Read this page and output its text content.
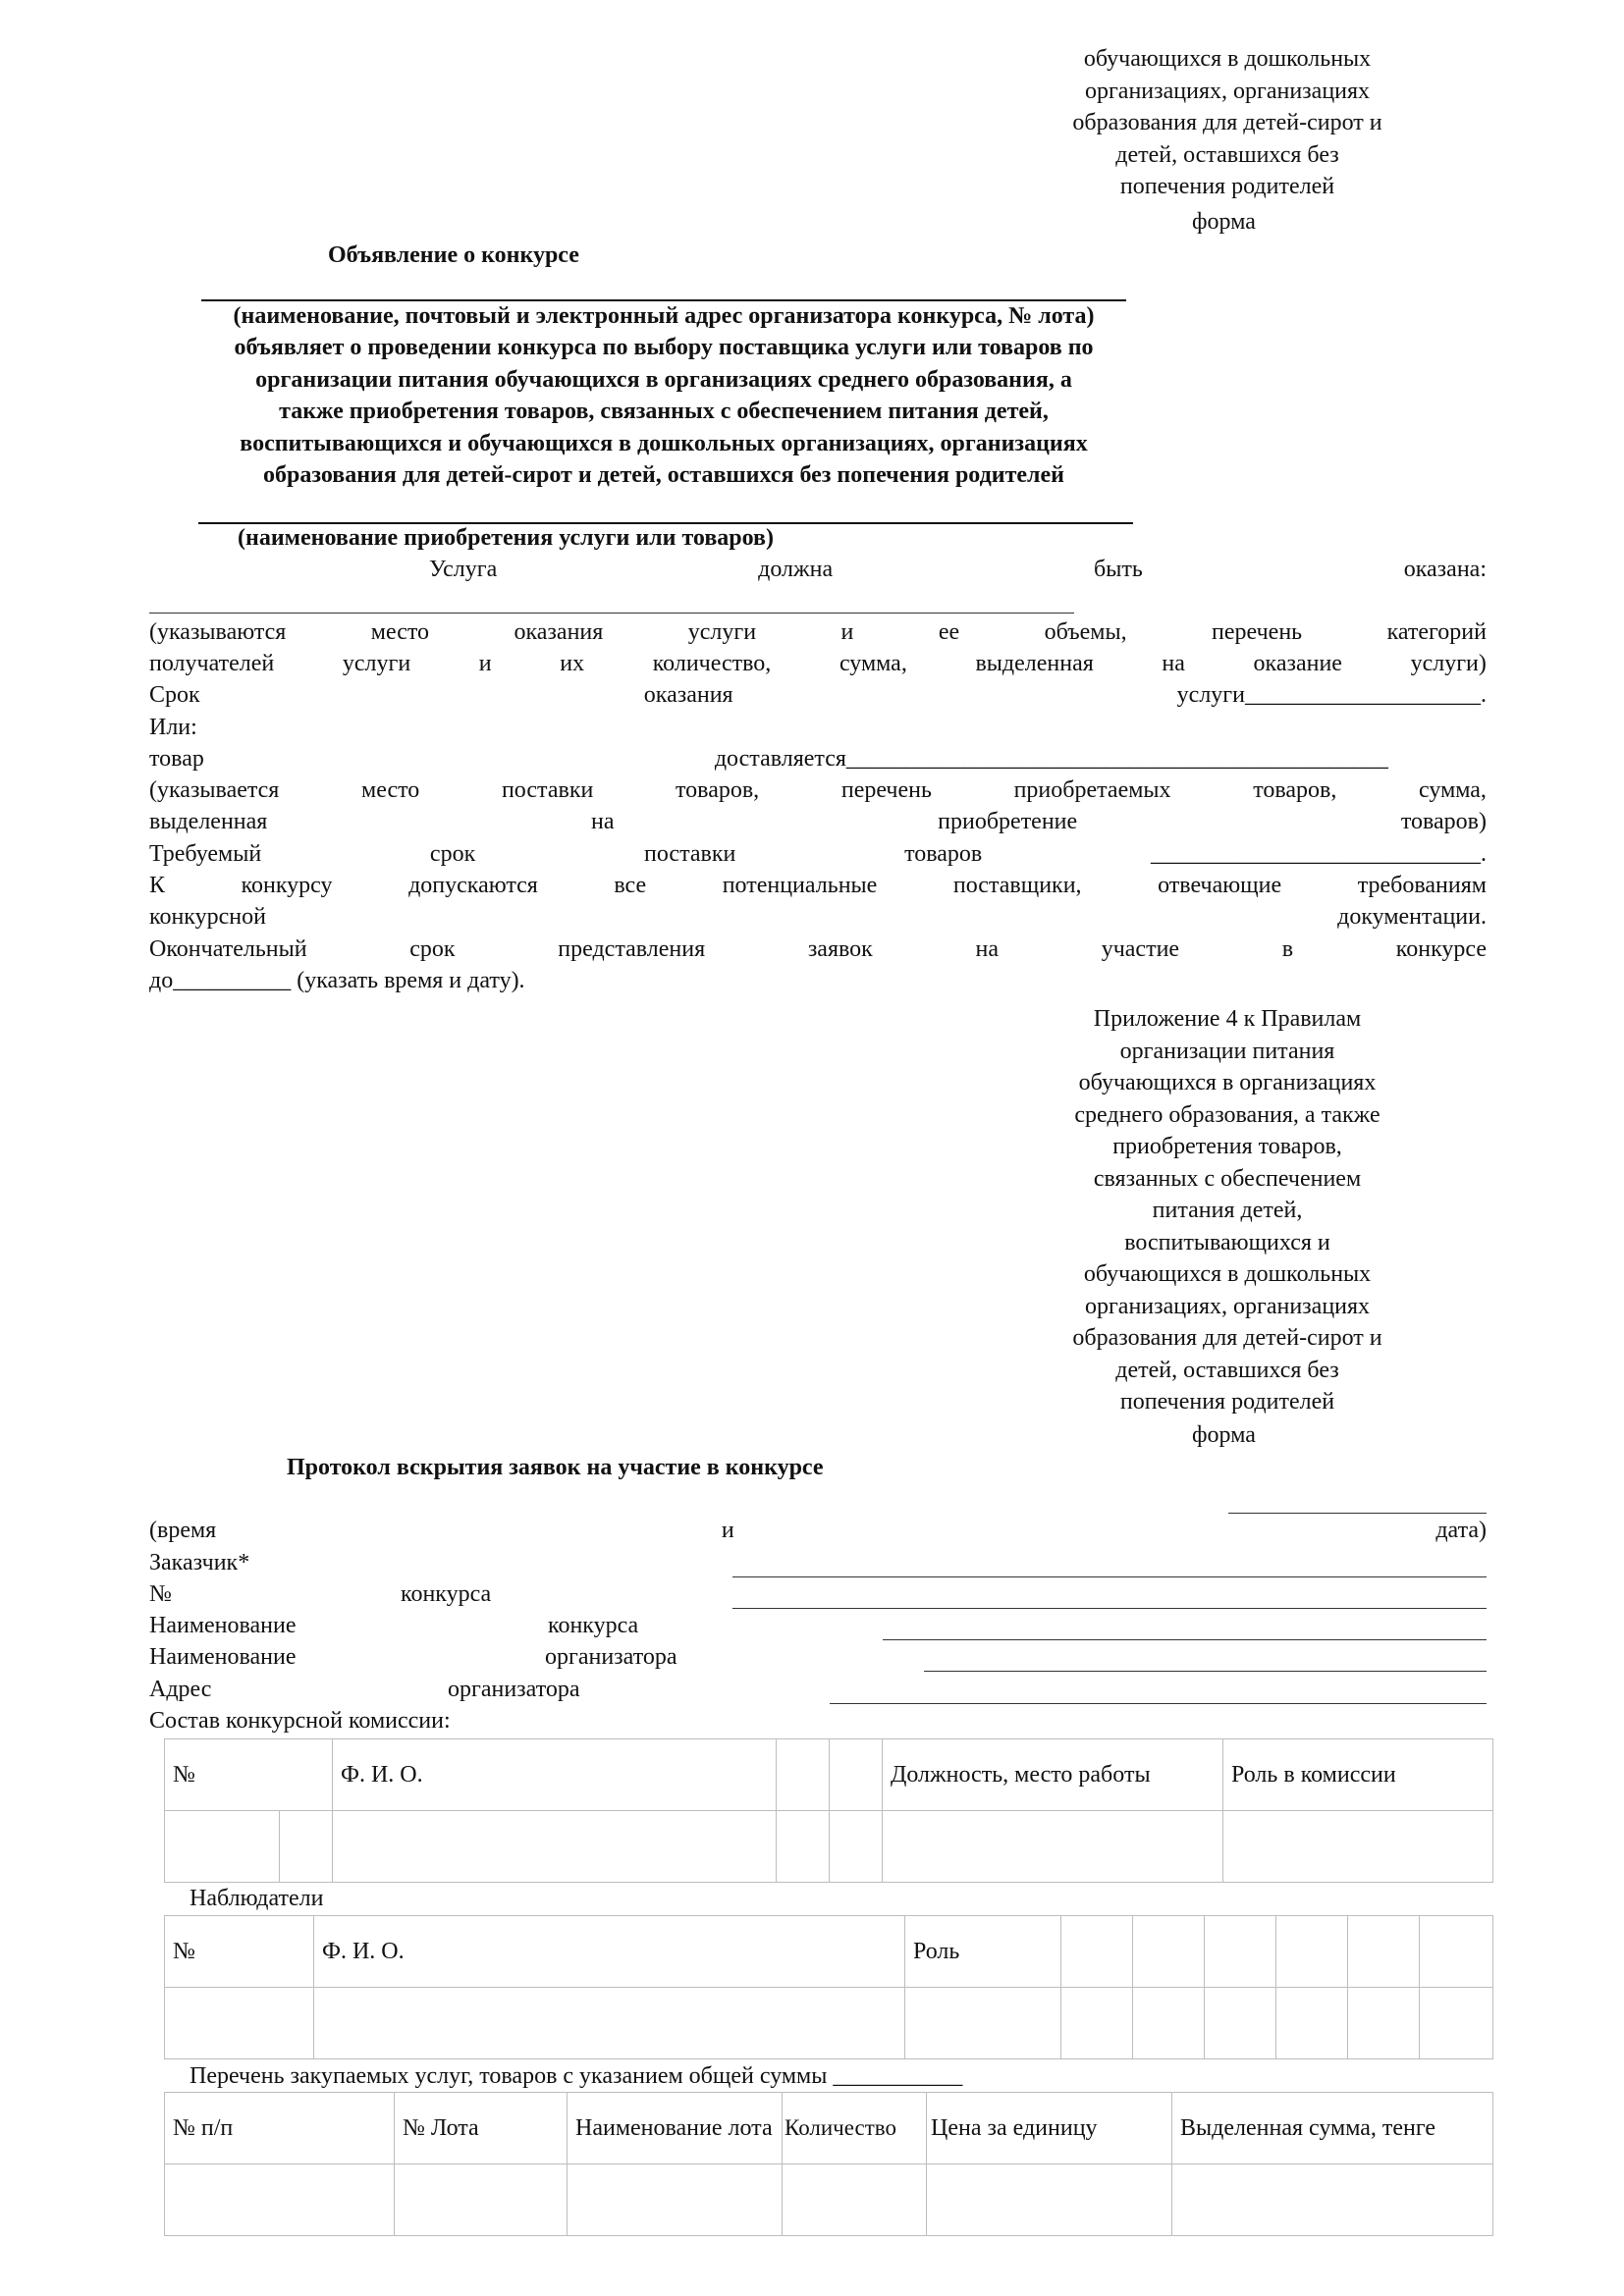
обучающихся в дошкольных
организациях, организациях
образования для детей-сирот и
детей, оставшихся без
попечения родителей
форма
Объявление о конкурсе
(наименование, почтовый и электронный адрес организатора конкурса, № лота)
объявляет о проведении конкурса по выбору поставщика услуги или товаров по
организации питания обучающихся в организациях среднего образования, а
также приобретения товаров, связанных с обеспечением питания детей,
воспитывающихся и обучающихся в дошкольных организациях, организациях
образования для детей-сирот и детей, оставшихся без попечения родителей
(наименование приобретения услуги или товаров)
Услуга	должна	быть	оказана:
(указываются	место	оказания	услуги	и	ее	объемы,	перечень	категорий
получателей	услуги	и	их	количество,	сумма,	выделенная	на	оказание	услуги)
Срок	оказания	услуги____________________.
Или:
товар	доставляется______________________________________________
(указывается	место	поставки	товаров,	перечень	приобретаемых	товаров,	сумма,
выделенная	на	приобретение	товаров)
Требуемый	срок	поставки	товаров	____________________________.
К	конкурсу	допускаются	все	потенциальные	поставщики,	отвечающие	требованиям
конкурсной	документации.
Окончательный	срок	представления	заявок	на	участие	в	конкурсе
до__________ (указать время и дату).
Приложение 4 к Правилам
организации питания
обучающихся в организациях
среднего образования, а также
приобретения товаров,
связанных с обеспечением
питания детей,
воспитывающихся и
обучающихся в дошкольных
организациях, организациях
образования для детей-сирот и
детей, оставшихся без
попечения родителей
форма
Протокол вскрытия заявок на участие в конкурсе
(время	и	дата)
Заказчик*
№	конкурса
Наименование	конкурса
Наименование	организатора
Адрес	организатора
Состав конкурсной комиссии:
№		Ф. И. О.			Должность, место работы	Роль в комиссии

Наблюдатели
№	Ф. И. О.	Роль						

Перечень закупаемых услуг, товаров с указанием общей суммы ___________
№ п/п	№ Лота	Наименование лота	Количество	Цена за единицу	Выделенная сумма, тенге
